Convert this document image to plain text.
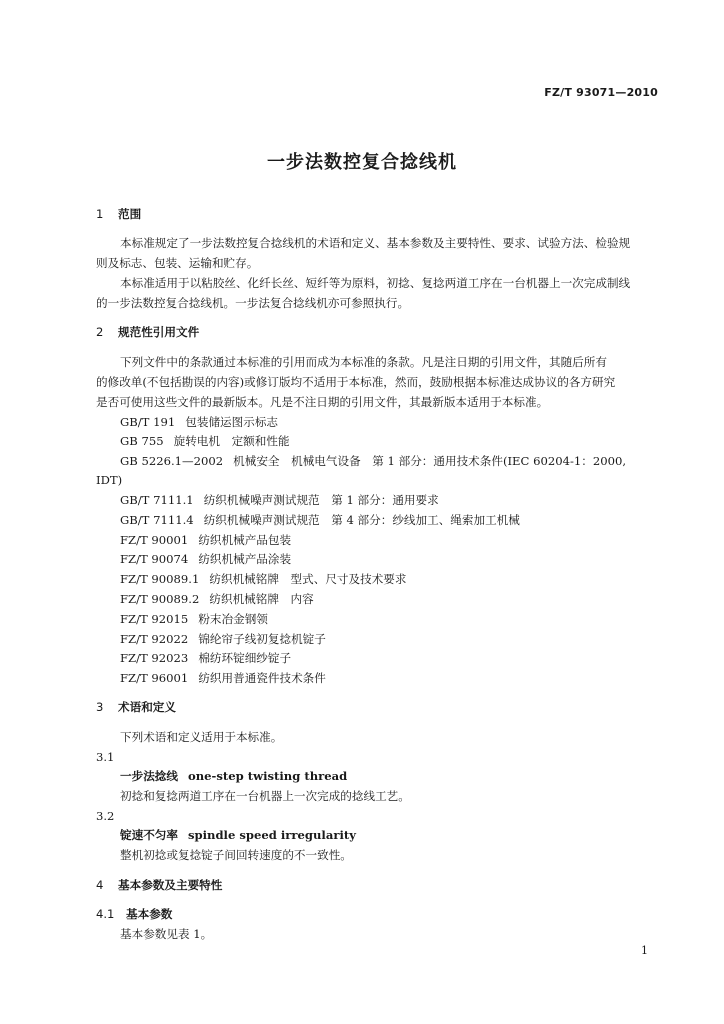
FZ/T 93071—2010
一步法数控复合捻线机
1 范围
本标准规定了一步法数控复合捻线机的术语和定义、基本参数及主要特性、要求、试验方法、检验规
则及标志、包装、运输和贮存。
本标准适用于以粘胶丝、化纤长丝、短纤等为原料，初捻、复捻两道工序在一台机器上一次完成制线
的一步法数控复合捻线机。一步法复合捻线机亦可参照执行。
2 规范性引用文件
下列文件中的条款通过本标准的引用而成为本标准的条款。凡是注日期的引用文件，其随后所有
的修改单(不包括勘误的内容)或修订版均不适用于本标准，然而，鼓励根据本标准达成协议的各方研究
是否可使用这些文件的最新版本。凡是不注日期的引用文件，其最新版本适用于本标准。
GB/T 191 包装储运图示标志
GB 755 旋转电机　定额和性能
GB 5226.1—2002 机械安全　机械电气设备　第 1 部分：通用技术条件(IEC 60204-1：2000,
IDT)
GB/T 7111.1 纺织机械噪声测试规范　第 1 部分：通用要求
GB/T 7111.4 纺织机械噪声测试规范　第 4 部分：纱线加工、绳索加工机械
FZ/T 90001 纺织机械产品包装
FZ/T 90074 纺织机械产品涂装
FZ/T 90089.1 纺织机械铭牌　型式、尺寸及技术要求
FZ/T 90089.2 纺织机械铭牌　内容
FZ/T 92015 粉末冶金钢领
FZ/T 92022 锦纶帘子线初复捻机锭子
FZ/T 92023 棉纺环锭细纱锭子
FZ/T 96001 纺织用普通瓷件技术条件
3 术语和定义
下列术语和定义适用于本标准。
3.1
一步法捻线 one-step twisting thread
初捻和复捻两道工序在一台机器上一次完成的捻线工艺。
3.2
锭速不匀率 spindle speed irregularity
整机初捻或复捻锭子间回转速度的不一致性。
4 基本参数及主要特性
4.1 基本参数
基本参数见表 1。
1
